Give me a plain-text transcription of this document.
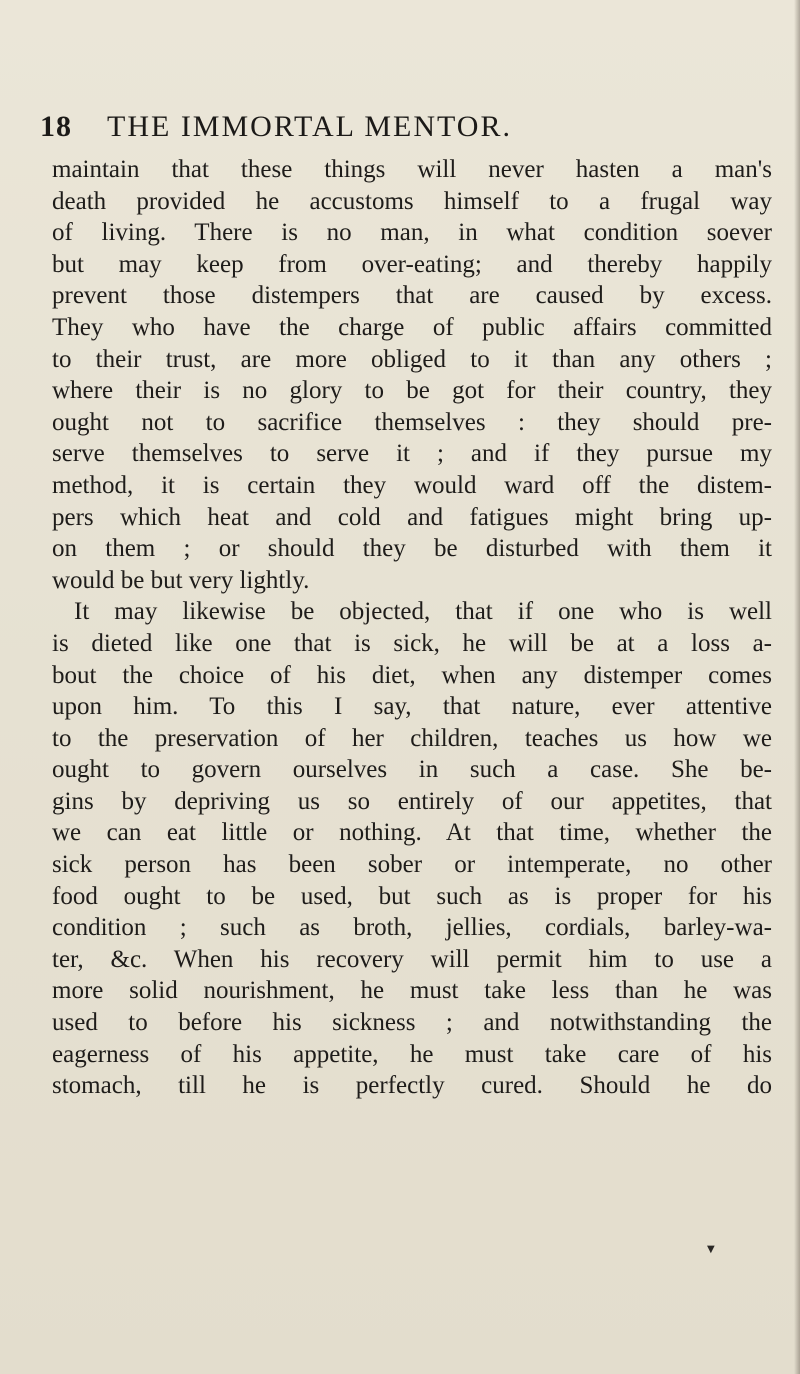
18 THE IMMORTAL MENTOR.
maintain that these things will never hasten a man's
death provided he accustoms himself to a frugal way
of living. There is no man, in what condition soever
but may keep from over-eating; and thereby happily
prevent those distempers that are caused by excess.
They who have the charge of public affairs committed
to their trust, are more obliged to it than any others ;
where their is no glory to be got for their country, they
ought not to sacrifice themselves : they should pre-
serve themselves to serve it ; and if they pursue my
method, it is certain they would ward off the distem-
pers which heat and cold and fatigues might bring up-
on them ; or should they be disturbed with them it
would be but very lightly.
It may likewise be objected, that if one who is well
is dieted like one that is sick, he will be at a loss a-
bout the choice of his diet, when any distemper comes
upon him. To this I say, that nature, ever attentive
to the preservation of her children, teaches us how we
ought to govern ourselves in such a case. She be-
gins by depriving us so entirely of our appetites, that
we can eat little or nothing. At that time, whether the
sick person has been sober or intemperate, no other
food ought to be used, but such as is proper for his
condition ; such as broth, jellies, cordials, barley-wa-
ter, &c. When his recovery will permit him to use a
more solid nourishment, he must take less than he was
used to before his sickness ; and notwithstanding the
eagerness of his appetite, he must take care of his
stomach, till he is perfectly cured. Should he do
▼
